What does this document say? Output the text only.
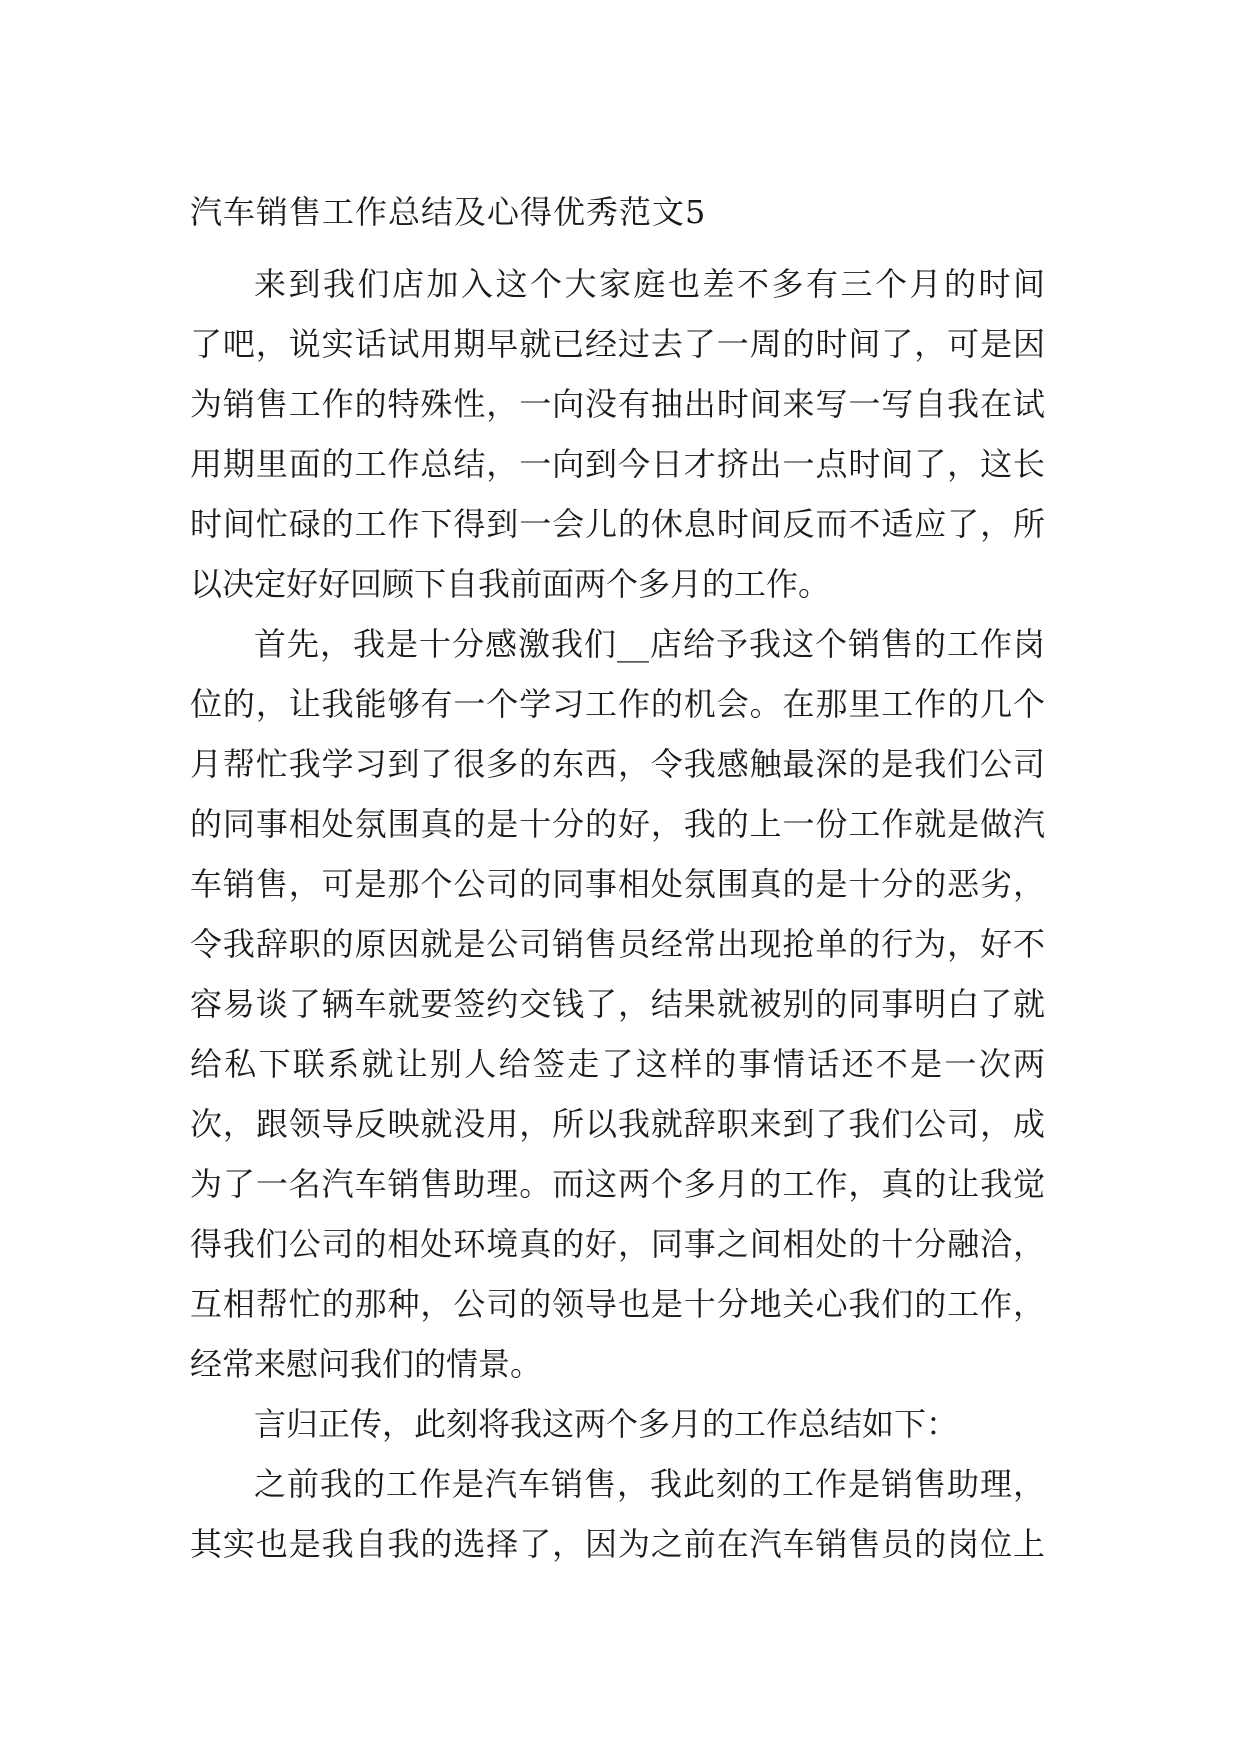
汽车销售工作总结及心得优秀范文5
来到我们店加入这个大家庭也差不多有三个月的时间
了吧，说实话试用期早就已经过去了一周的时间了，可是因
为销售工作的特殊性，一向没有抽出时间来写一写自我在试
用期里面的工作总结，一向到今日才挤出一点时间了，这长
时间忙碌的工作下得到一会儿的休息时间反而不适应了，所
以决定好好回顾下自我前面两个多月的工作。
首先，我是十分感激我们__店给予我这个销售的工作岗
位的，让我能够有一个学习工作的机会。在那里工作的几个
月帮忙我学习到了很多的东西，令我感触最深的是我们公司
的同事相处氛围真的是十分的好，我的上一份工作就是做汽
车销售，可是那个公司的同事相处氛围真的是十分的恶劣，
令我辞职的原因就是公司销售员经常出现抢单的行为，好不
容易谈了辆车就要签约交钱了，结果就被别的同事明白了就
给私下联系就让别人给签走了这样的事情话还不是一次两
次，跟领导反映就没用，所以我就辞职来到了我们公司，成
为了一名汽车销售助理。而这两个多月的工作，真的让我觉
得我们公司的相处环境真的好，同事之间相处的十分融洽，
互相帮忙的那种，公司的领导也是十分地关心我们的工作，
经常来慰问我们的情景。
言归正传，此刻将我这两个多月的工作总结如下：
之前我的工作是汽车销售，我此刻的工作是销售助理，
其实也是我自我的选择了，因为之前在汽车销售员的岗位上
